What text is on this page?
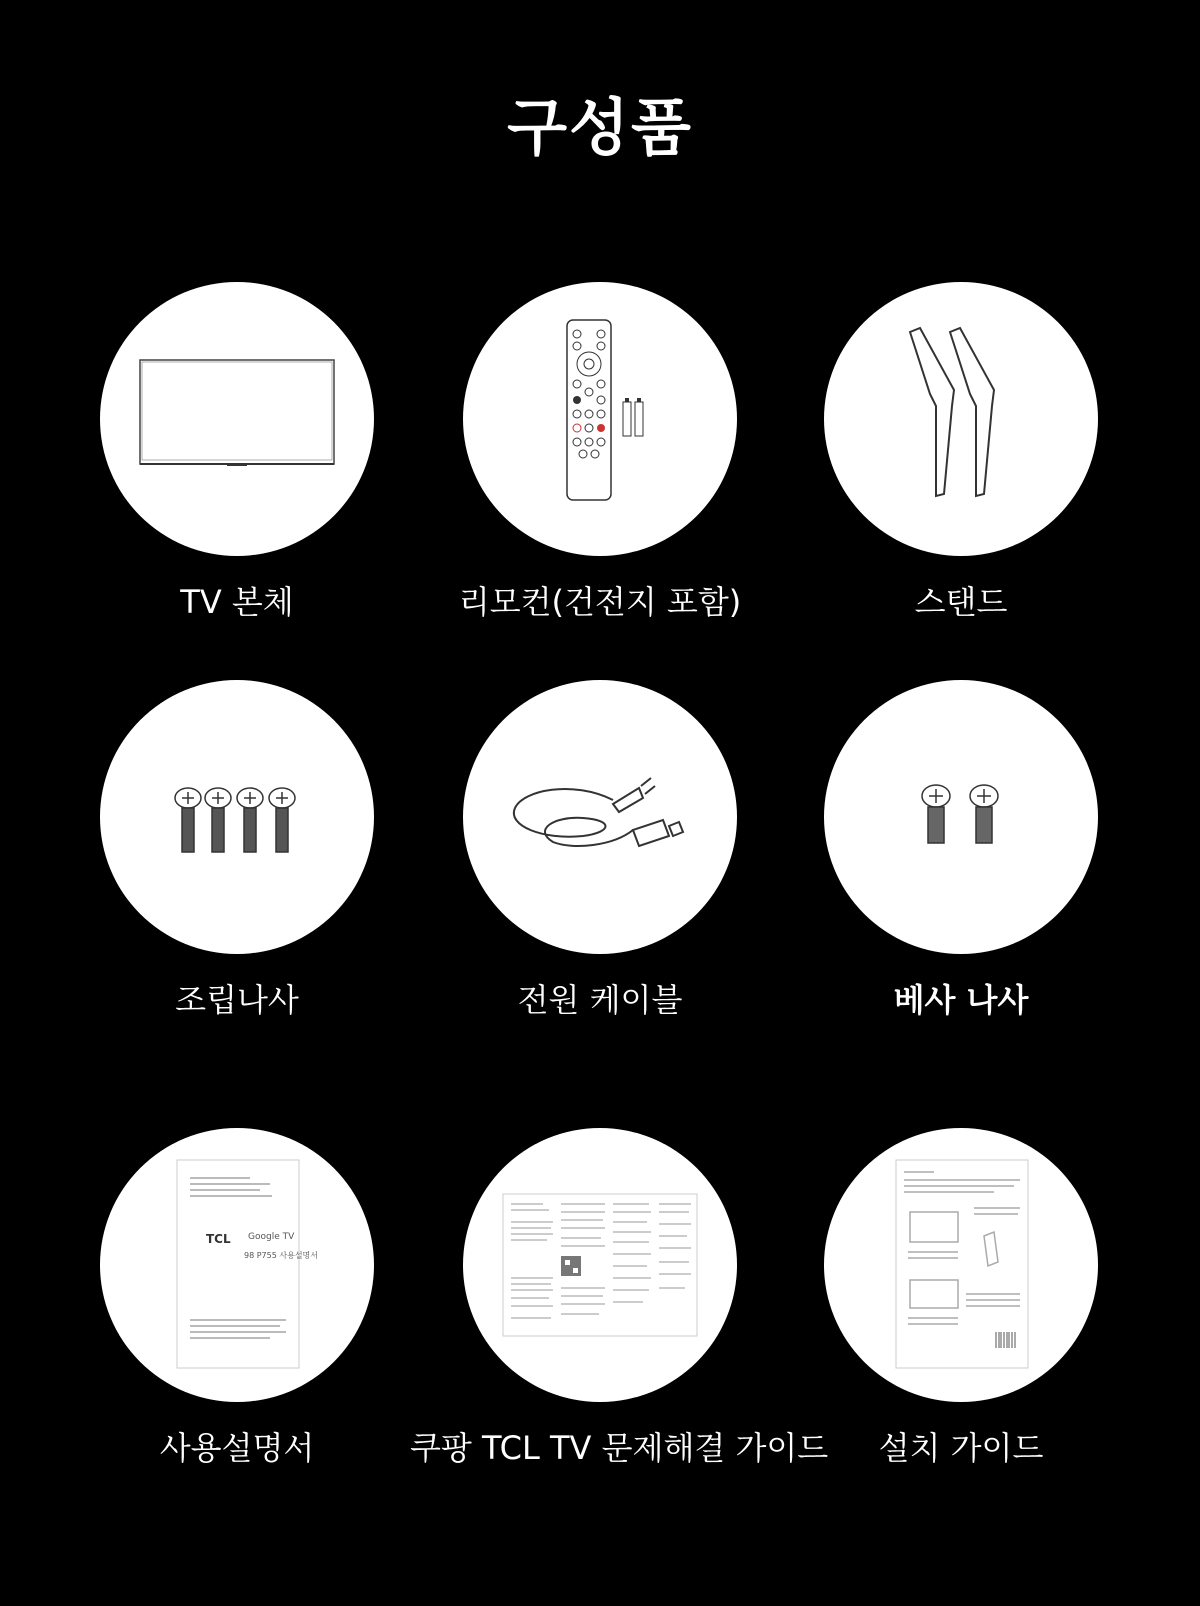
구성품
TV 본체	리모컨(건전지 포함)	스탠드
조립나사	전원 케이블	베사 나사
TCL Google TV
98 P755 사용설명서
사용설명서	쿠팡 TCL TV 문제해결 가이드	설치 가이드
